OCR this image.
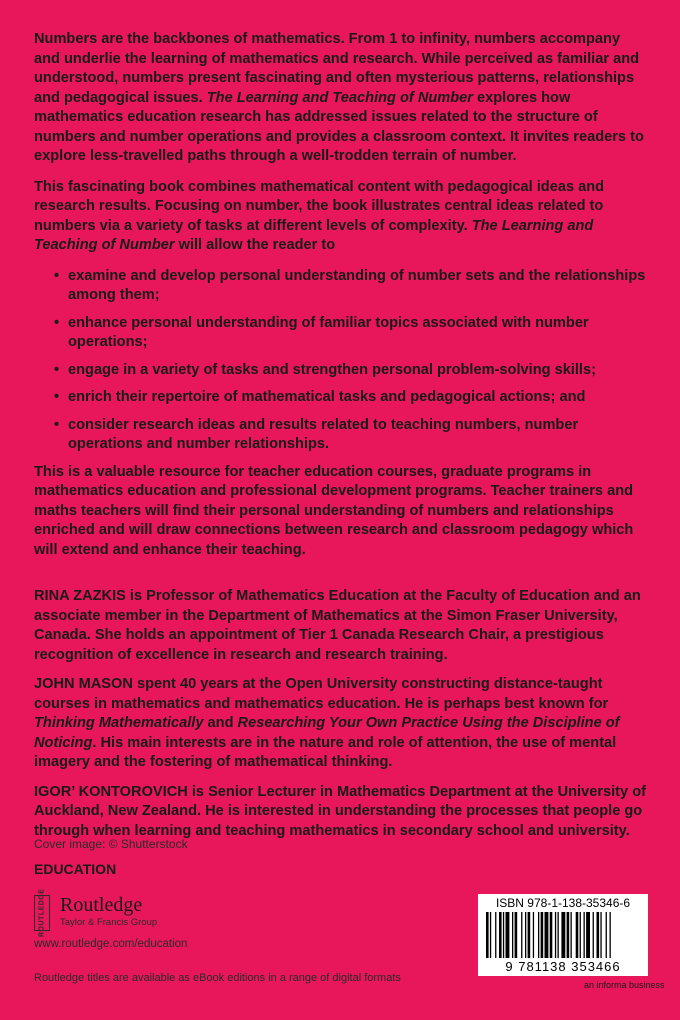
Numbers are the backbones of mathematics. From 1 to infinity, numbers accompany and underlie the learning of mathematics and research. While perceived as familiar and understood, numbers present fascinating and often mysterious patterns, relationships and pedagogical issues. The Learning and Teaching of Number explores how mathematics education research has addressed issues related to the structure of numbers and number operations and provides a classroom context. It invites readers to explore less-travelled paths through a well-trodden terrain of number.

This fascinating book combines mathematical content with pedagogical ideas and research results. Focusing on number, the book illustrates central ideas related to numbers via a variety of tasks at different levels of complexity. The Learning and Teaching of Number will allow the reader to

• examine and develop personal understanding of number sets and the relationships among them;
• enhance personal understanding of familiar topics associated with number operations;
• engage in a variety of tasks and strengthen personal problem-solving skills;
• enrich their repertoire of mathematical tasks and pedagogical actions; and
• consider research ideas and results related to teaching numbers, number operations and number relationships.

This is a valuable resource for teacher education courses, graduate programs in mathematics education and professional development programs. Teacher trainers and maths teachers will find their personal understanding of numbers and relationships enriched and will draw connections between research and classroom pedagogy which will extend and enhance their teaching.

RINA ZAZKIS is Professor of Mathematics Education at the Faculty of Education and an associate member in the Department of Mathematics at the Simon Fraser University, Canada. She holds an appointment of Tier 1 Canada Research Chair, a prestigious recognition of excellence in research and research training.

JOHN MASON spent 40 years at the Open University constructing distance-taught courses in mathematics and mathematics education. He is perhaps best known for Thinking Mathematically and Researching Your Own Practice Using the Discipline of Noticing. His main interests are in the nature and role of attention, the use of mental imagery and the fostering of mathematical thinking.

IGOR’ KONTOROVICH is Senior Lecturer in Mathematics Department at the University of Auckland, New Zealand. He is interested in understanding the processes that people go through when learning and teaching mathematics in secondary school and university.

Cover image: © Shutterstock
EDUCATION
ROUTLEDGE Routledge
Taylor & Francis Group
www.routledge.com/education
Routledge titles are available as eBook editions in a range of digital formats
ISBN 978-1-138-35346-6
9 781138 353466
an informa business
